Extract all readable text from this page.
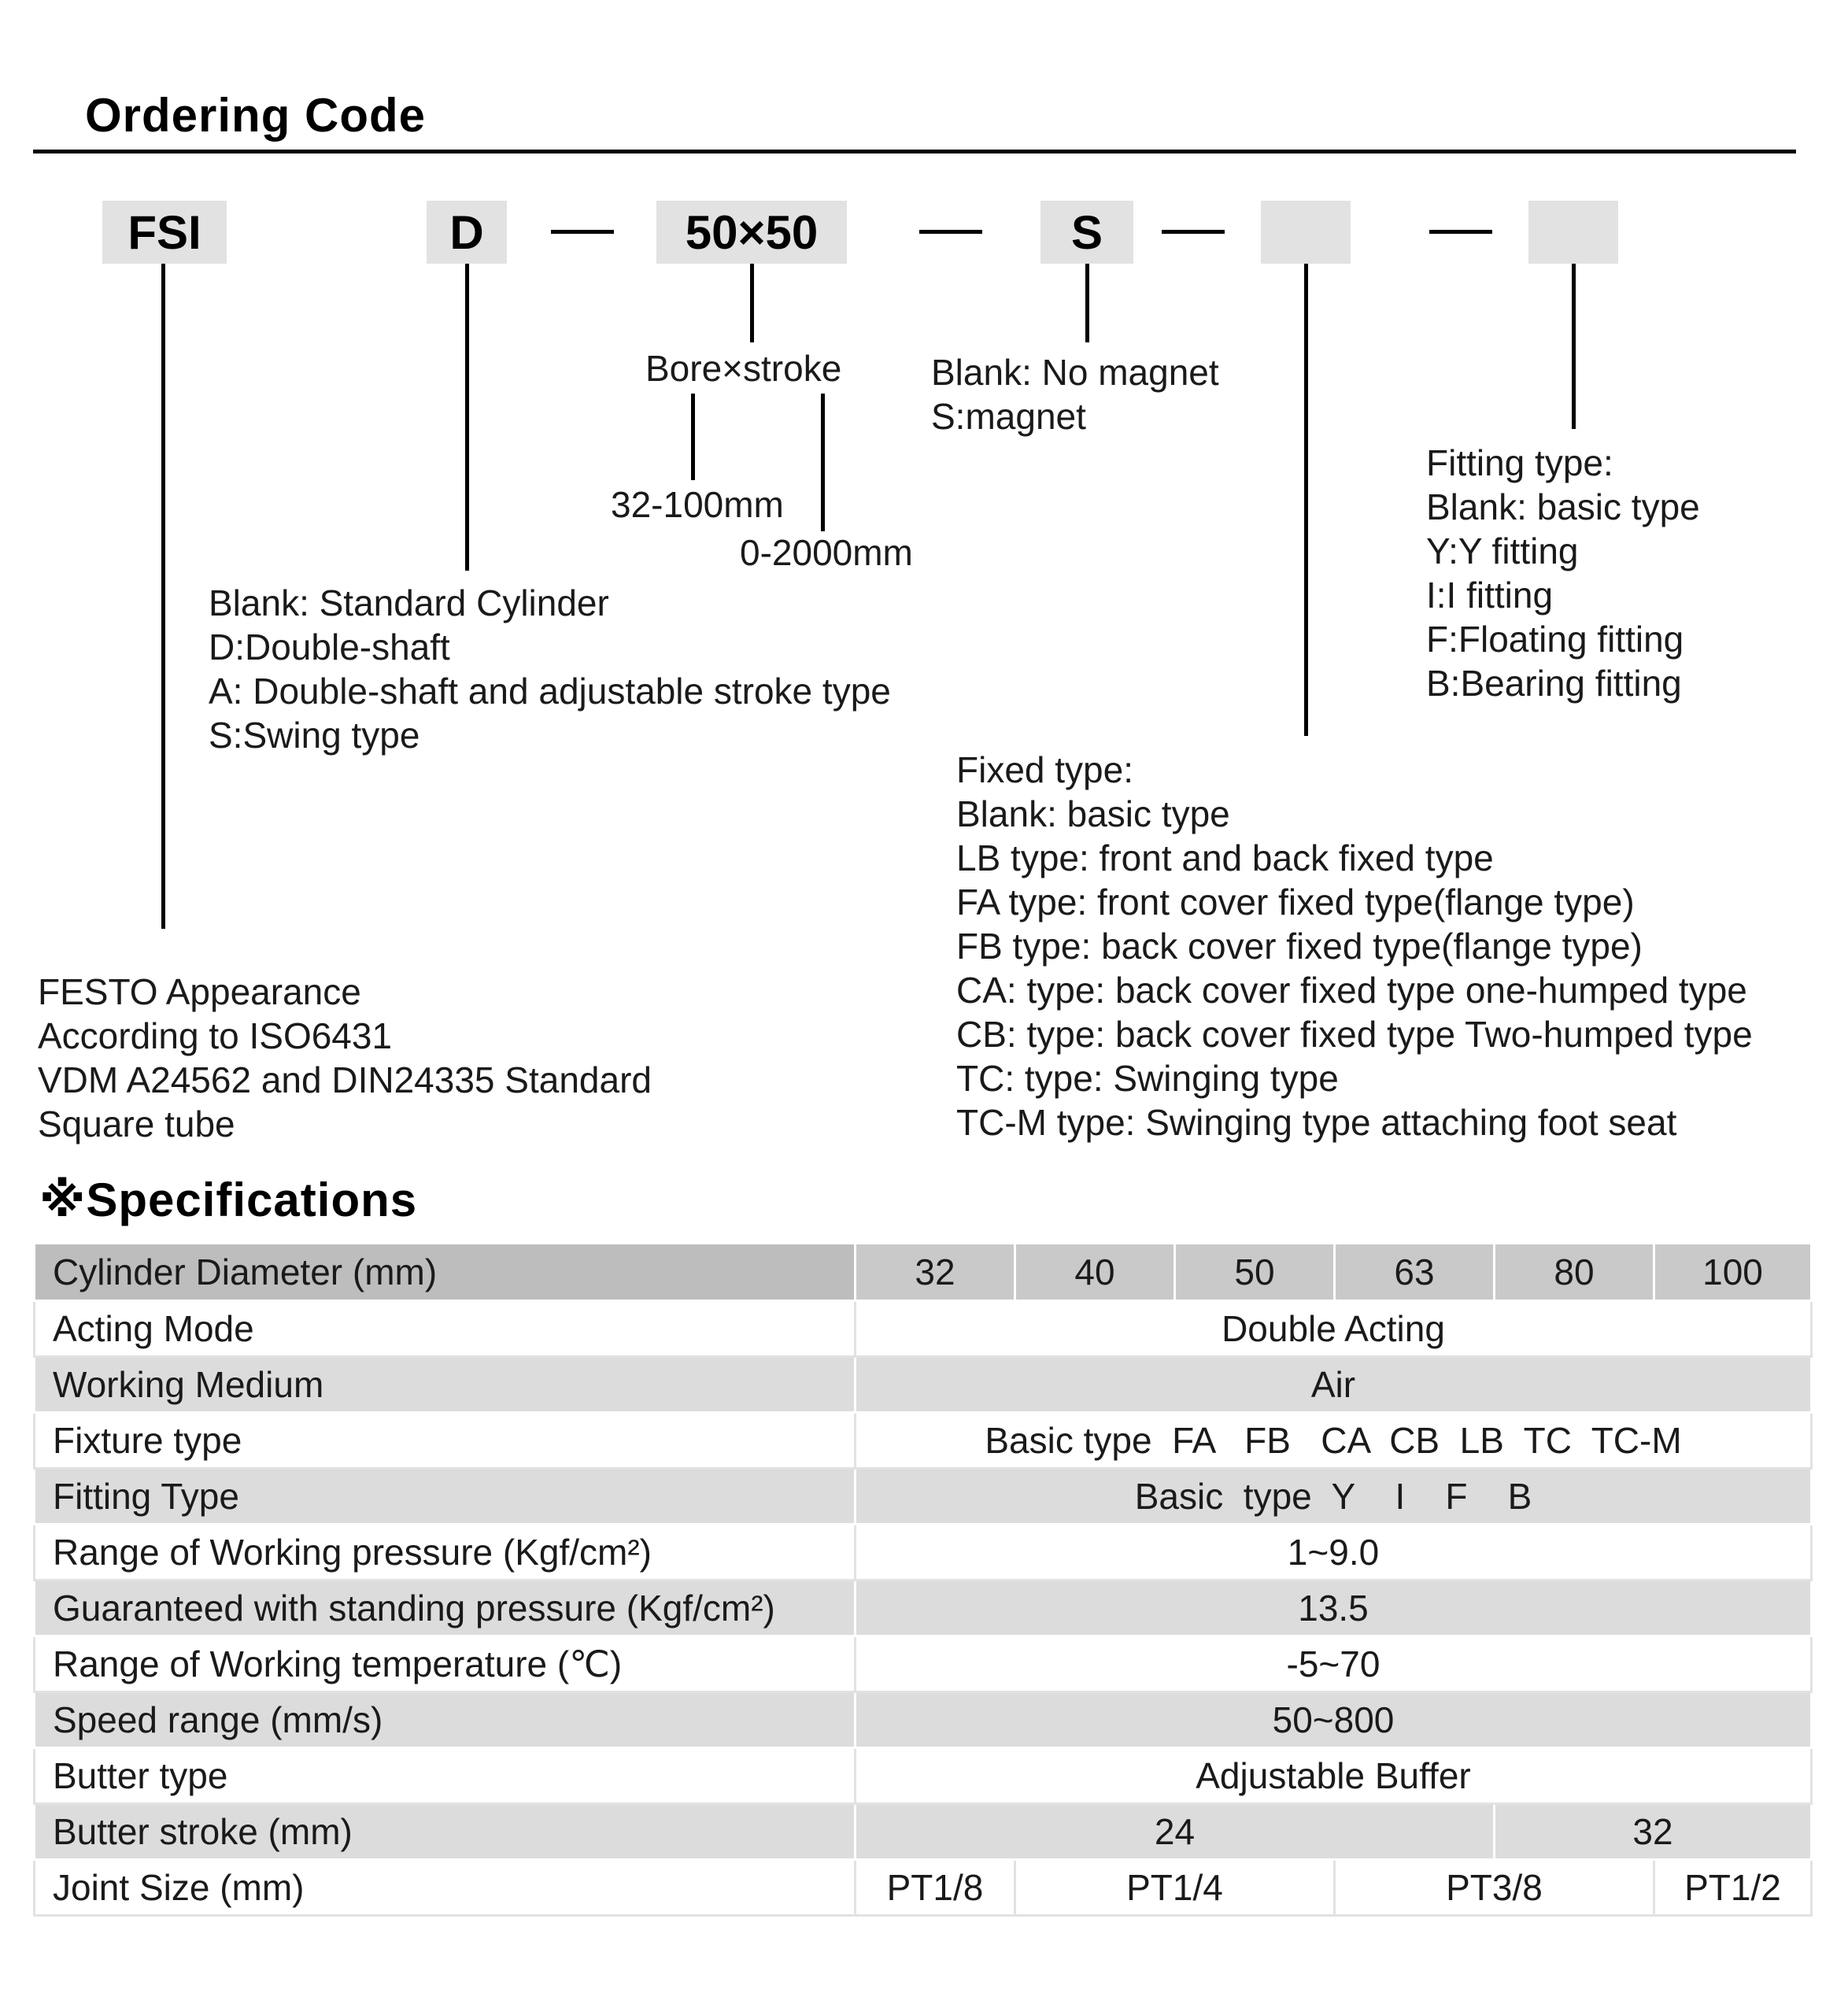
Ordering Code
FSI	D	50×50	S
Bore×stroke
32-100mm
0-2000mm
Blank: No magnet
S:magnet
Fitting type:
Blank: basic type
Y:Y fitting
I:I fitting
F:Floating fitting
B:Bearing fitting
Blank: Standard Cylinder
D:Double-shaft
A: Double-shaft and adjustable stroke type
S:Swing type
Fixed type:
Blank: basic type
LB type: front and back fixed type
FA type: front cover fixed type(flange type)
FB type: back cover fixed type(flange type)
CA: type: back cover fixed type one-humped type
CB: type: back cover fixed type Two-humped type
TC: type: Swinging type
TC-M type: Swinging type attaching foot seat
FESTO Appearance
According to ISO6431
VDM A24562 and DIN24335 Standard
Square tube
※Specifications
Cylinder Diameter (mm)	32	40	50	63	80	100
Acting Mode	Double Acting					
Working Medium	Air					
Fixture type	Basic type  FA   FB   CA  CB  LB  TC  TC-M					
Fitting Type	Basic  type  Y    I    F    B					
Range of Working pressure (Kgf/cm²)	1~9.0					
Guaranteed with standing pressure (Kgf/cm²)	13.5					
Range of Working temperature (℃)	-5~70					
Speed range (mm/s)	50~800					
Butter type	Adjustable Buffer					
Butter stroke (mm)	24				32	
Joint Size (mm)	PT1/8	PT1/4		PT3/8		PT1/2
